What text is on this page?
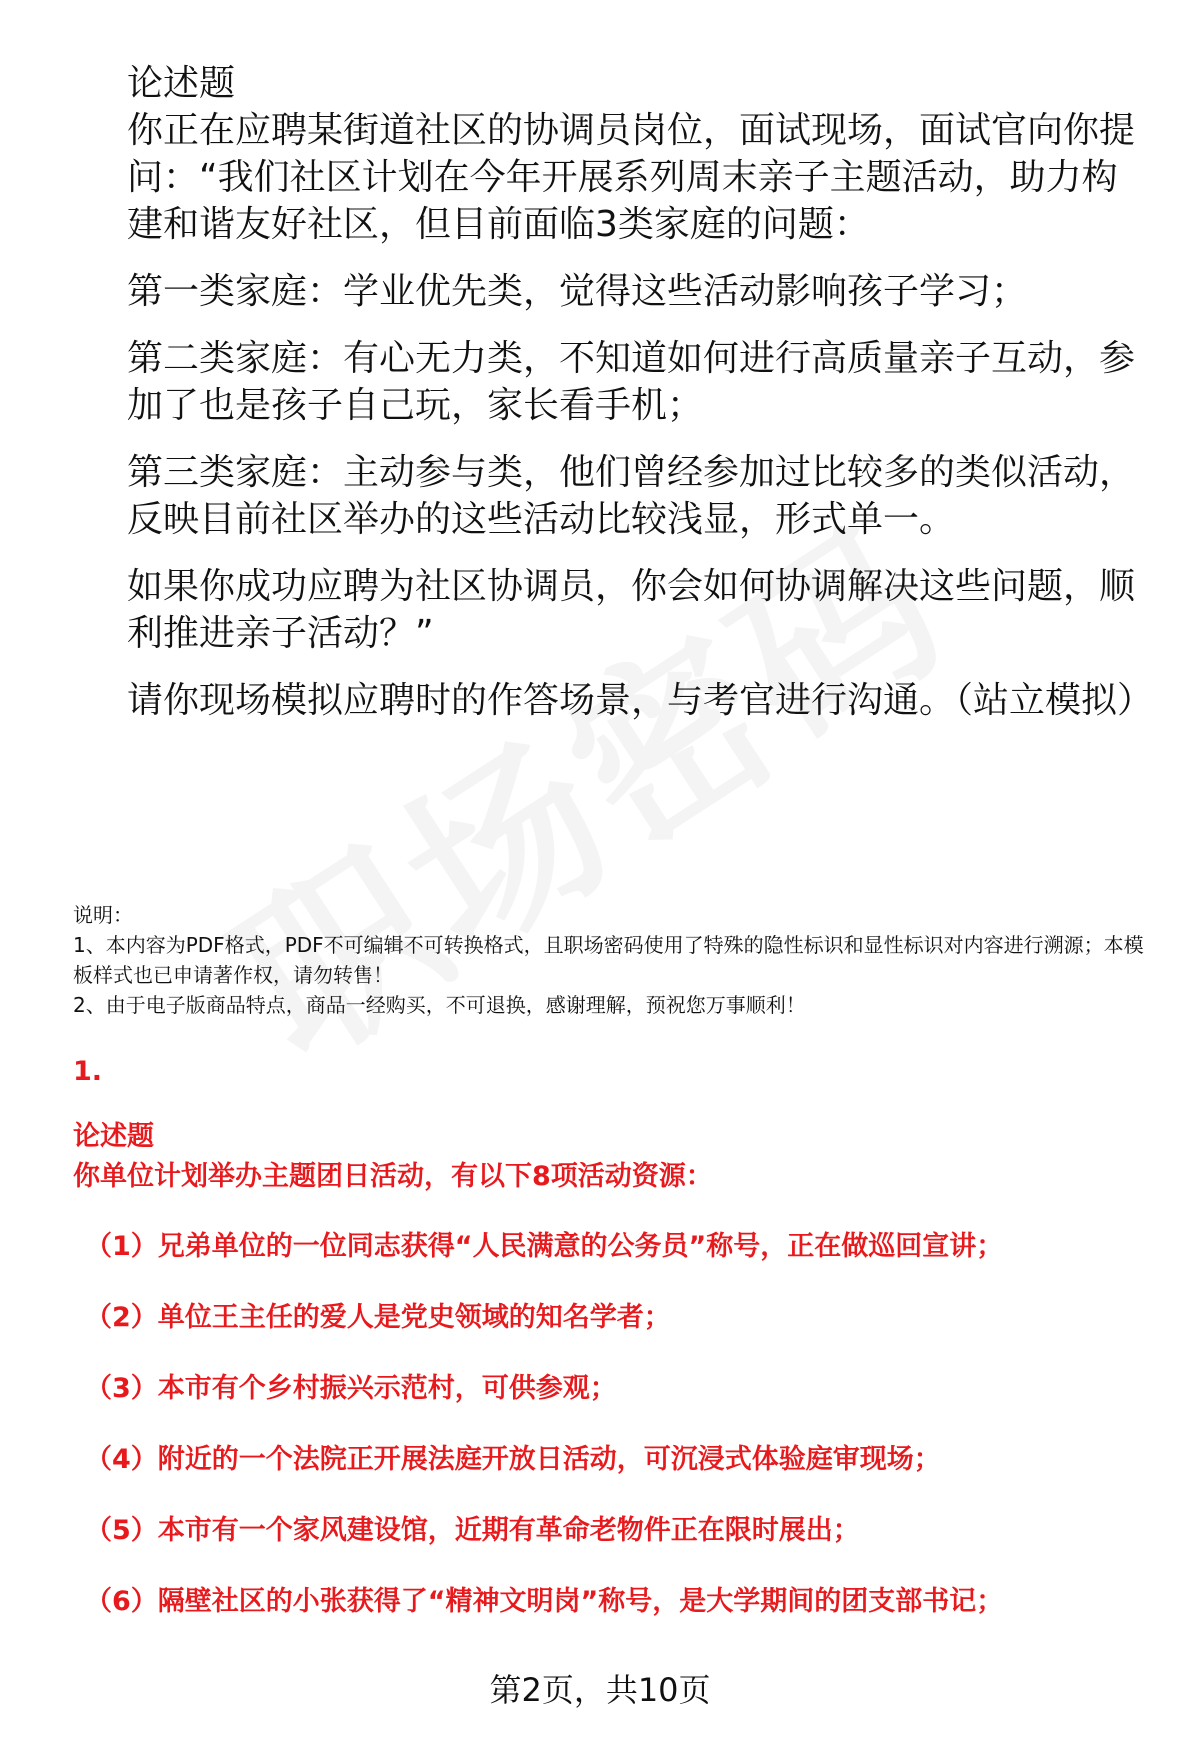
论述题

你正在应聘某街道社区的协调员岗位，面试现场，面试官向你提问：“我们社区计划在今年开展系列周末亲子主题活动，助力构建和谐友好社区，但目前面临3类家庭的问题：

第一类家庭：学业优先类，觉得这些活动影响孩子学习；

第二类家庭：有心无力类，不知道如何进行高质量亲子互动，参加了也是孩子自己玩，家长看手机；

第三类家庭：主动参与类，他们曾经参加过比较多的类似活动，反映目前社区举办的这些活动比较浅显，形式单一。

如果你成功应聘为社区协调员，你会如何协调解决这些问题，顺利推进亲子活动？”

请你现场模拟应聘时的作答场景，与考官进行沟通。（站立模拟）

说明：

1、本内容为PDF格式，PDF不可编辑不可转换格式，且职场密码使用了特殊的隐性标识和显性标识对内容进行溯源；本模板样式也已申请著作权，请勿转售！

2、由于电子版商品特点，商品一经购买，不可退换，感谢理解，预祝您万事顺利！

1.

论述题

你单位计划举办主题团日活动，有以下8项活动资源：

（1）兄弟单位的一位同志获得“人民满意的公务员”称号，正在做巡回宣讲；

（2）单位王主任的爱人是党史领域的知名学者；

（3）本市有个乡村振兴示范村，可供参观；

（4）附近的一个法院正开展法庭开放日活动，可沉浸式体验庭审现场；

（5）本市有一个家风建设馆，近期有革命老物件正在限时展出；

（6）隔壁社区的小张获得了“精神文明岗”称号，是大学期间的团支部书记；

第2页，共10页
